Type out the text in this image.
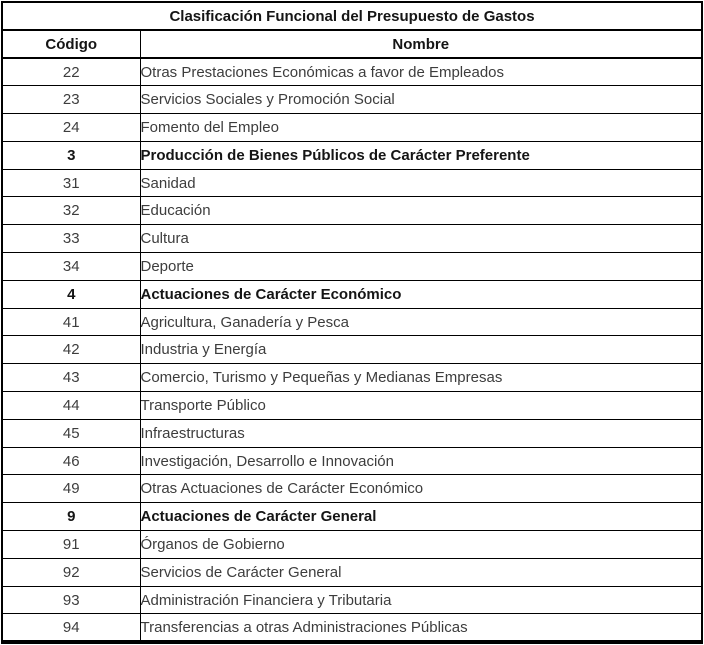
Clasificación Funcional del Presupuesto de Gastos	
Código	Nombre
22	Otras Prestaciones Económicas a favor de Empleados
23	Servicios Sociales y Promoción Social
24	Fomento del Empleo
3	Producción de Bienes Públicos de Carácter Preferente
31	Sanidad
32	Educación
33	Cultura
34	Deporte
4	Actuaciones de Carácter Económico
41	Agricultura, Ganadería y Pesca
42	Industria y Energía
43	Comercio, Turismo y Pequeñas y Medianas Empresas
44	Transporte Público
45	Infraestructuras
46	Investigación, Desarrollo e Innovación
49	Otras Actuaciones de Carácter Económico
9	Actuaciones de Carácter General
91	Órganos de Gobierno
92	Servicios de Carácter General
93	Administración Financiera y Tributaria
94	Transferencias a otras Administraciones Públicas
